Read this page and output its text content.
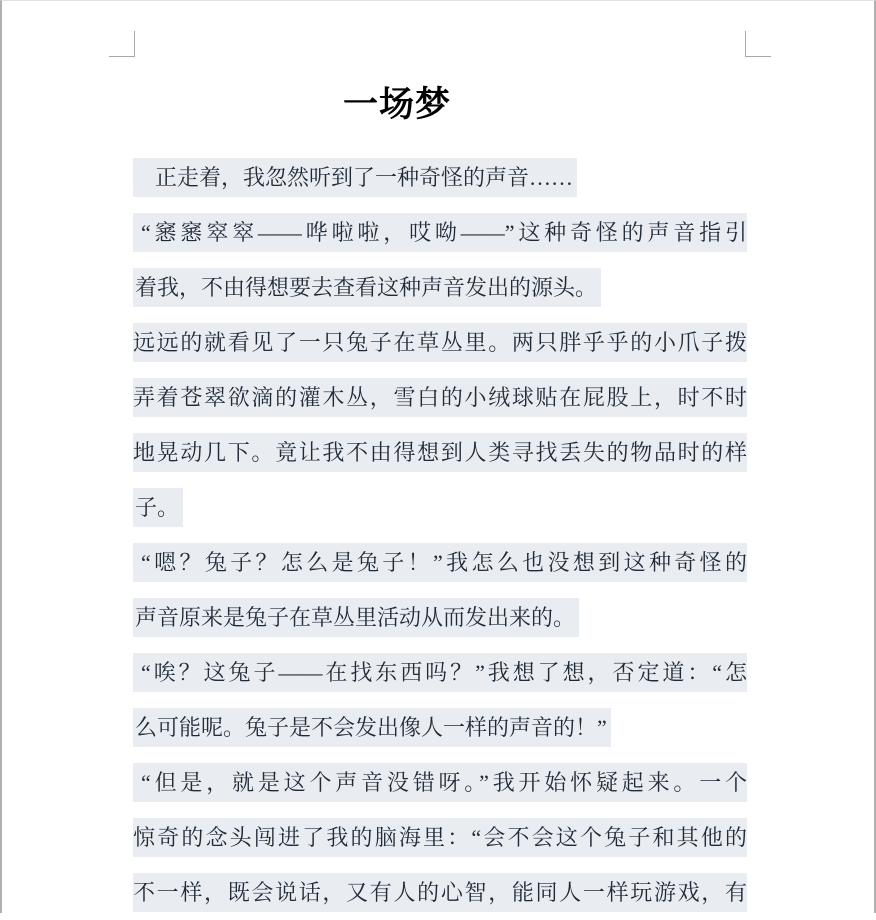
一场梦
正走着，我忽然听到了一种奇怪的声音……
“窸窸窣窣——哗啦啦，哎呦——”这种奇怪的声音指引
着我，不由得想要去查看这种声音发出的源头。
远远的就看见了一只兔子在草丛里。两只胖乎乎的小爪子拨
弄着苍翠欲滴的灌木丛，雪白的小绒球贴在屁股上，时不时
地晃动几下。竟让我不由得想到人类寻找丢失的物品时的样
子。
“嗯？兔子？怎么是兔子！”我怎么也没想到这种奇怪的
声音原来是兔子在草丛里活动从而发出来的。
“唉？这兔子——在找东西吗？”我想了想，否定道：“怎
么可能呢。兔子是不会发出像人一样的声音的！”
“但是，就是这个声音没错呀。”我开始怀疑起来。一个
惊奇的念头闯进了我的脑海里：“会不会这个兔子和其他的
不一样，既会说话，又有人的心智，能同人一样玩游戏，有
